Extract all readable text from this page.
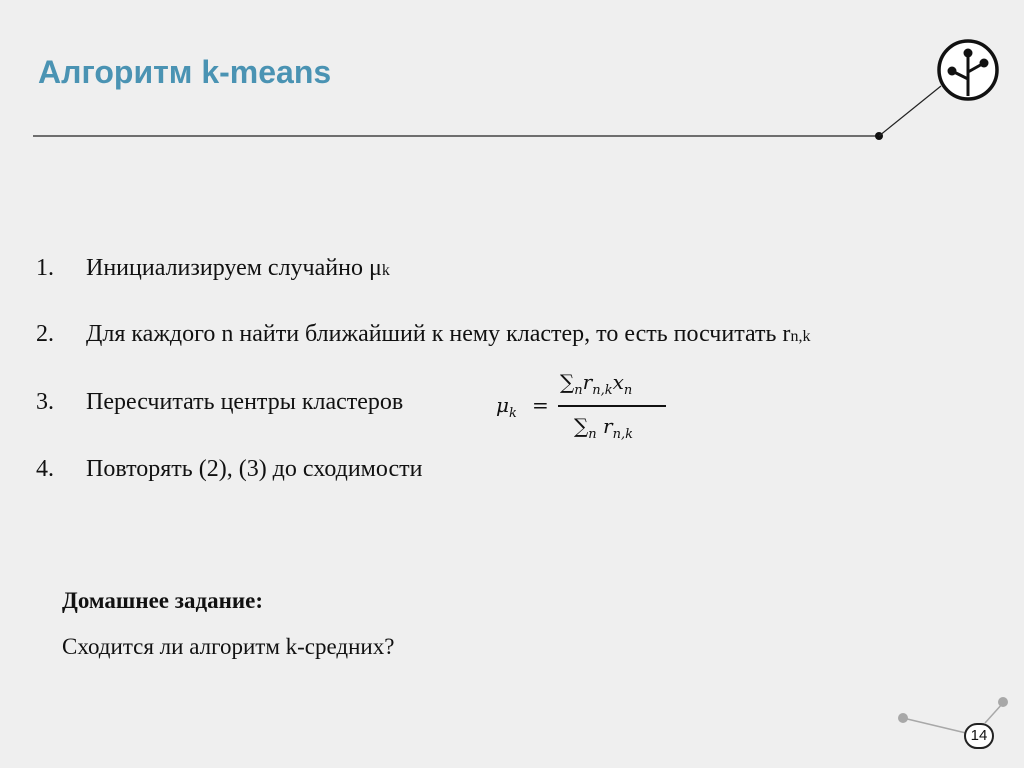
Алгоритм k-means
1. Инициализируем случайно μk
2. Для каждого n найти ближайший к нему кластер, то есть посчитать rn,k
3. Пересчитать центры кластеров	$\mu_k$ =
$\sum_nr_{n,k}x_n$
$\sum_n$ $r_{n,k}$
4. Повторять (2), (3) до сходимости
Домашнее задание:
Сходится ли алгоритм k-средних?
14
